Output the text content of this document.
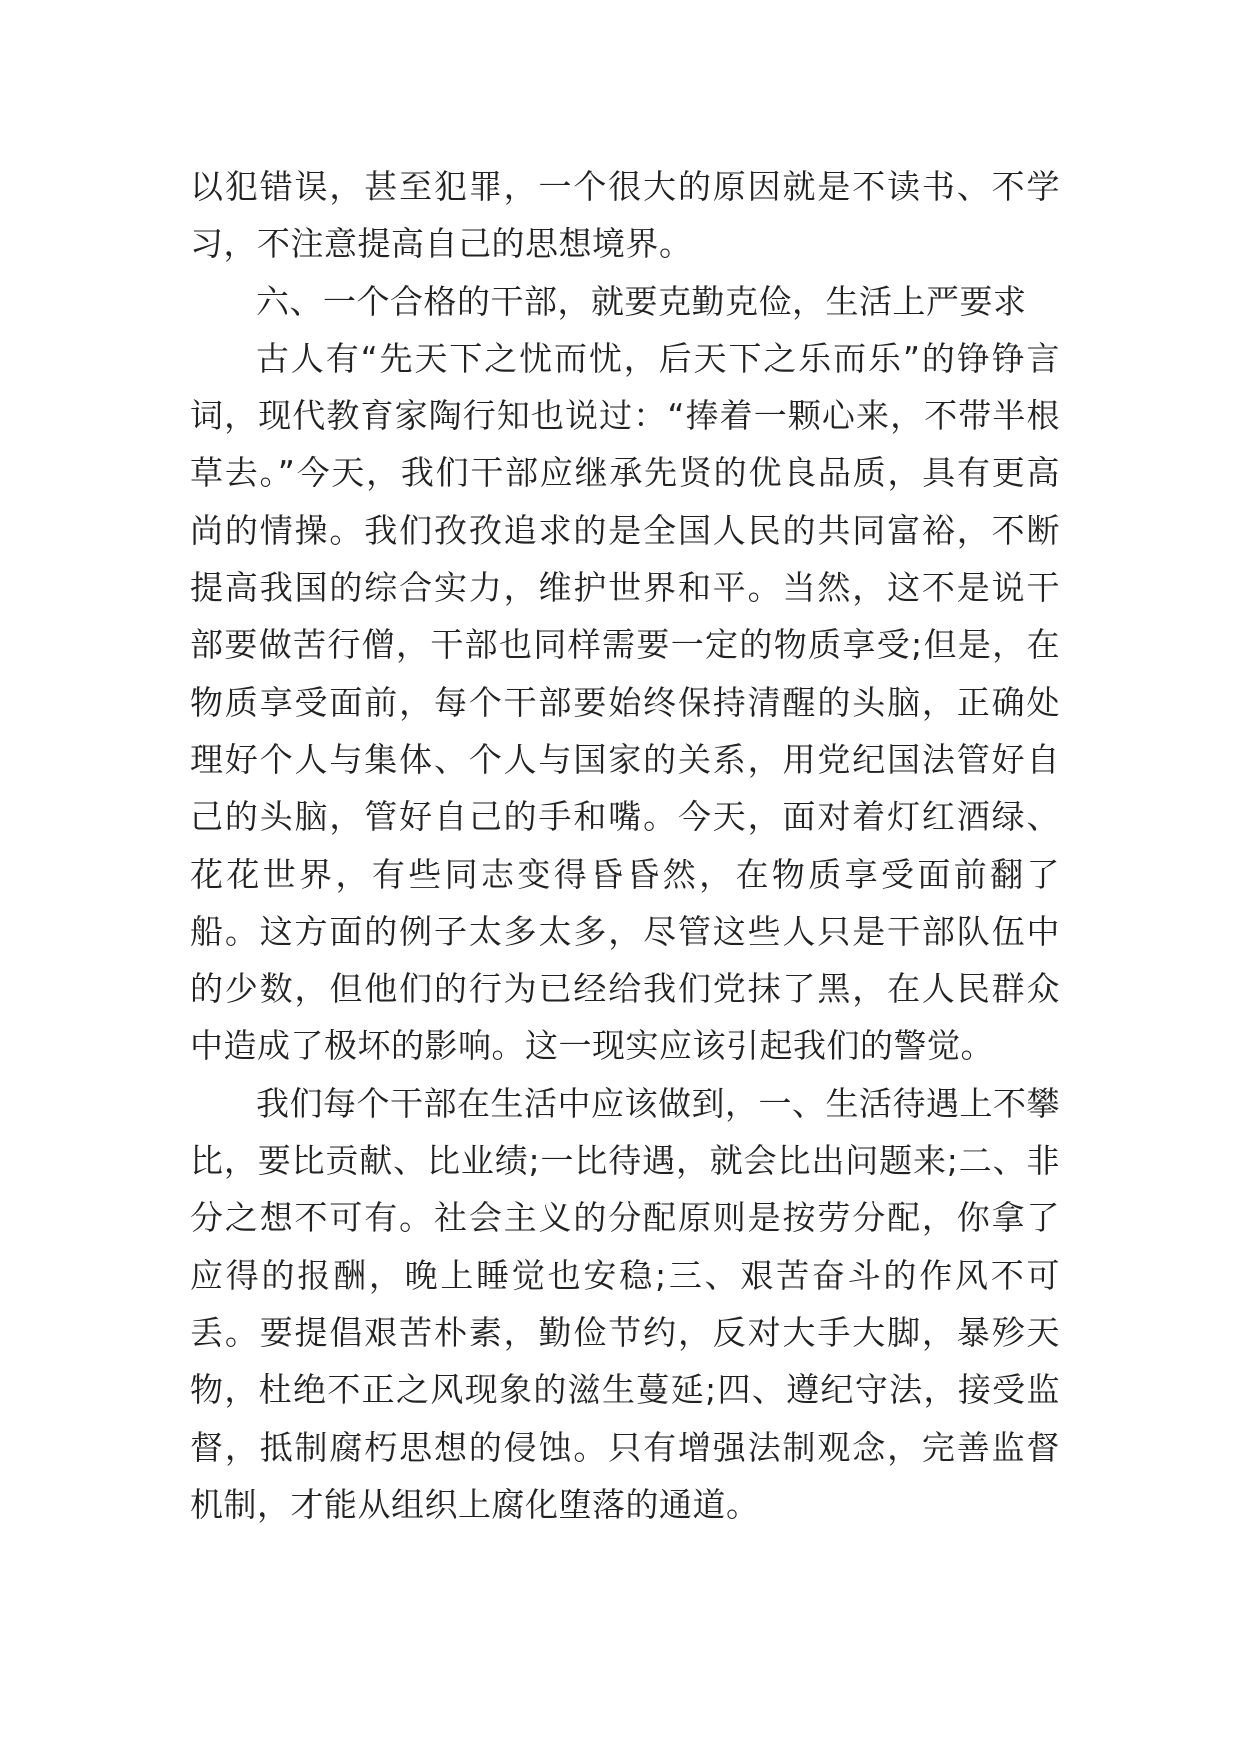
以犯错误，甚至犯罪，一个很大的原因就是不读书、不学习，不注意提高自己的思想境界。

六、一个合格的干部，就要克勤克俭，生活上严要求

古人有“先天下之忧而忧，后天下之乐而乐”的铮铮言词，现代教育家陶行知也说过：“捧着一颗心来，不带半根草去。”今天，我们干部应继承先贤的优良品质，具有更高尚的情操。我们孜孜追求的是全国人民的共同富裕，不断提高我国的综合实力，维护世界和平。当然，这不是说干部要做苦行僧，干部也同样需要一定的物质享受;但是，在物质享受面前，每个干部要始终保持清醒的头脑，正确处理好个人与集体、个人与国家的关系，用党纪国法管好自己的头脑，管好自己的手和嘴。今天，面对着灯红酒绿、花花世界，有些同志变得昏昏然，在物质享受面前翻了船。这方面的例子太多太多，尽管这些人只是干部队伍中的少数，但他们的行为已经给我们党抹了黑，在人民群众中造成了极坏的影响。这一现实应该引起我们的警觉。

我们每个干部在生活中应该做到，一、生活待遇上不攀比，要比贡献、比业绩;一比待遇，就会比出问题来;二、非分之想不可有。社会主义的分配原则是按劳分配，你拿了应得的报酬，晚上睡觉也安稳;三、艰苦奋斗的作风不可丢。要提倡艰苦朴素，勤俭节约，反对大手大脚，暴殄天物，杜绝不正之风现象的滋生蔓延;四、遵纪守法，接受监督，抵制腐朽思想的侵蚀。只有增强法制观念，完善监督机制，才能从组织上腐化堕落的通道。
